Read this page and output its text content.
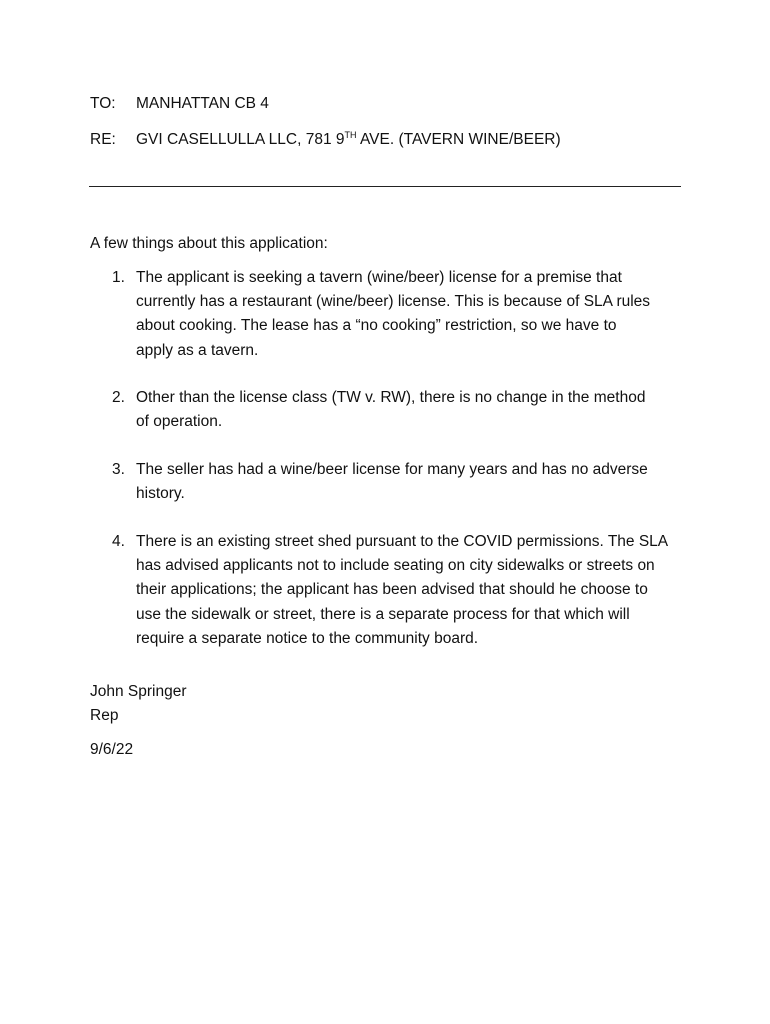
TO: MANHATTAN CB 4
RE: GVI CASELLULLA LLC, 781 9TH AVE. (TAVERN WINE/BEER)
A few things about this application:
1. The applicant is seeking a tavern (wine/beer) license for a premise that
currently has a restaurant (wine/beer) license. This is because of SLA rules
about cooking. The lease has a “no cooking” restriction, so we have to
apply as a tavern.
2. Other than the license class (TW v. RW), there is no change in the method
of operation.
3. The seller has had a wine/beer license for many years and has no adverse
history.
4. There is an existing street shed pursuant to the COVID permissions. The SLA
has advised applicants not to include seating on city sidewalks or streets on
their applications; the applicant has been advised that should he choose to
use the sidewalk or street, there is a separate process for that which will
require a separate notice to the community board.
John Springer
Rep
9/6/22
